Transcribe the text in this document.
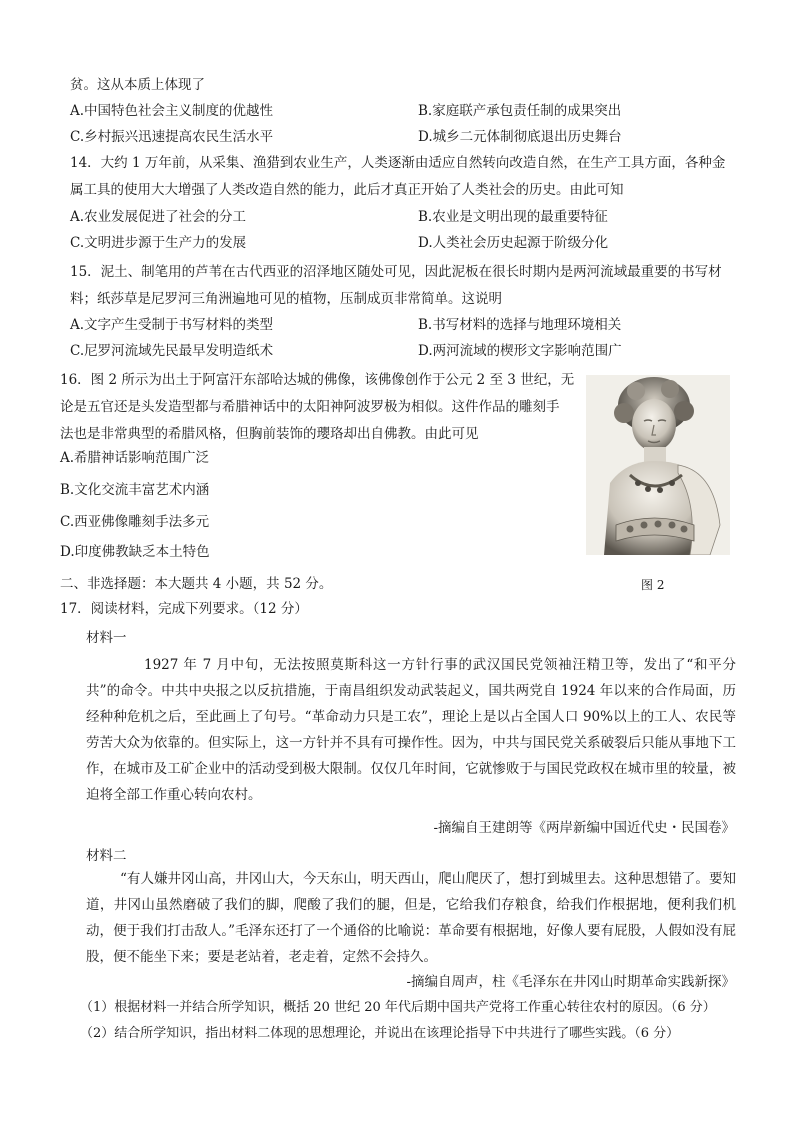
贫。这从本质上体现了
A.中国特色社会主义制度的优越性	B.家庭联产承包责任制的成果突出
C.乡村振兴迅速提高农民生活水平	D.城乡二元体制彻底退出历史舞台
14．大约 1 万年前，从采集、渔猎到农业生产，人类逐渐由适应自然转向改造自然，在生产工具方面，各种金
属工具的使用大大增强了人类改造自然的能力，此后才真正开始了人类社会的历史。由此可知
A.农业发展促进了社会的分工	B.农业是文明出现的最重要特征
C.文明进步源于生产力的发展	D.人类社会历史起源于阶级分化
15．泥土、制笔用的芦苇在古代西亚的沼泽地区随处可见，因此泥板在很长时期内是两河流域最重要的书写材
料；纸莎草是尼罗河三角洲遍地可见的植物，压制成页非常简单。这说明
A.文字产生受制于书写材料的类型	B.书写材料的选择与地理环境相关
C.尼罗河流域先民最早发明造纸术	D.两河流域的楔形文字影响范围广
16．图 2 所示为出土于阿富汗东部哈达城的佛像，该佛像创作于公元 2 至 3 世纪，无
论是五官还是头发造型都与希腊神话中的太阳神阿波罗极为相似。这件作品的雕刻手
法也是非常典型的希腊风格，但胸前装饰的瓔珞却出自佛教。由此可见
A.希腊神话影响范围广泛
B.文化交流丰富艺术内涵
C.西亚佛像雕刻手法多元
D.印度佛教缺乏本土特色
图 2
二、非选择题：本大题共 4 小题，共 52 分。
17．阅读材料，完成下列要求。（12 分）
材料一
1927 年 7 月中旬，无法按照莫斯科这一方针行事的武汉国民党领袖汪精卫等，发出了“和平分共”的命令。中共中央报之以反抗措施，于南昌组织发动武装起义，国共两党自 1924 年以来的合作局面，历经种种危机之后，至此画上了句号。“革命动力只是工农”，理论上是以占全国人口 90%以上的工人、农民等劳苦大众为依靠的。但实际上，这一方针并不具有可操作性。因为，中共与国民党关系破裂后只能从事地下工作，在城市及工矿企业中的活动受到极大限制。仅仅几年时间，它就惨败于与国民党政权在城市里的较量，被迫将全部工作重心转向农村。
-摘编自王建朗等《两岸新编中国近代史・民国卷》
材料二
“有人嫌井冈山高，井冈山大，今天东山，明天西山，爬山爬厌了，想打到城里去。这种思想错了。要知道，井冈山虽然磨破了我们的脚，爬酸了我们的腿，但是，它给我们存粮食，给我们作根据地，便利我们机动，便于我们打击敌人。”毛泽东还打了一个通俗的比喻说：革命要有根据地，好像人要有屁股，人假如没有屁股，便不能坐下来；要是老站着，老走着，定然不会持久。
-摘编自周声，柱《毛泽东在井冈山时期革命实践新探》
（1）根据材料一并结合所学知识，概括 20 世纪 20 年代后期中国共产党将工作重心转往农村的原因。（6 分）
（2）结合所学知识，指出材料二体现的思想理论，并说出在该理论指导下中共进行了哪些实践。（6 分）
